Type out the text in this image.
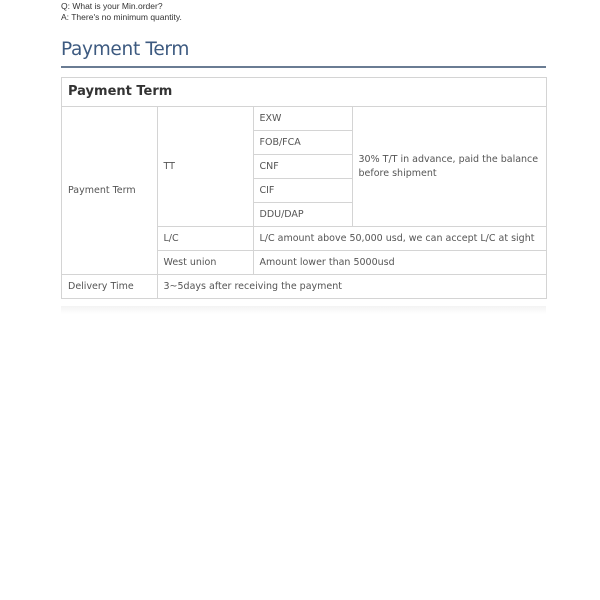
Q: What is your Min.order?
A: There's no minimum quantity.
Payment Term
Payment Term
Payment Term	TT	EXW	30% T/T in advance, paid the balance before shipment
		FOB/FCA	
		CNF	
		CIF	
		DDU/DAP	
	L/C	L/C amount above 50,000 usd, we can accept L/C at sight	
	West union	Amount lower than 5000usd	
Delivery Time	3~5days after receiving the payment		
